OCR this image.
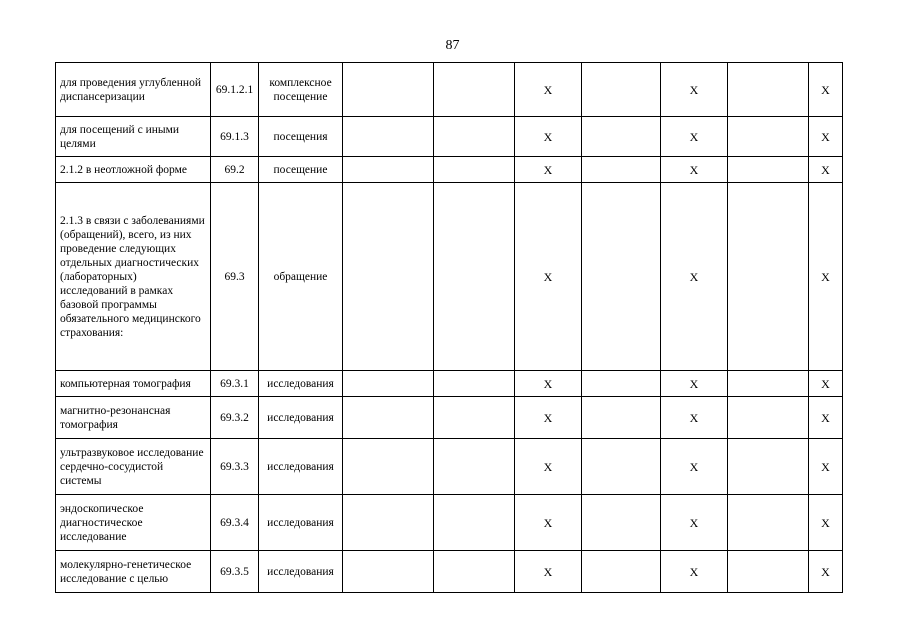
87
для проведения углубленной диспансеризации	69.1.2.1	комплексное посещение			X		X		X
для посещений с иными целями	69.1.3	посещения			X		X		X
2.1.2 в неотложной форме	69.2	посещение			X		X		X
2.1.3 в связи с заболеваниями (обращений), всего, из них проведение следующих отдельных диагностических (лабораторных) исследований в рамках базовой программы обязательного медицинского страхования:	69.3	обращение			X		X		X
компьютерная томография	69.3.1	исследования			X		X		X
магнитно-резонансная томография	69.3.2	исследования			X		X		X
ультразвуковое исследование сердечно-сосудистой системы	69.3.3	исследования			X		X		X
эндоскопическое диагностическое исследование	69.3.4	исследования			X		X		X
молекулярно-генетическое исследование с целью	69.3.5	исследования			X		X		X
